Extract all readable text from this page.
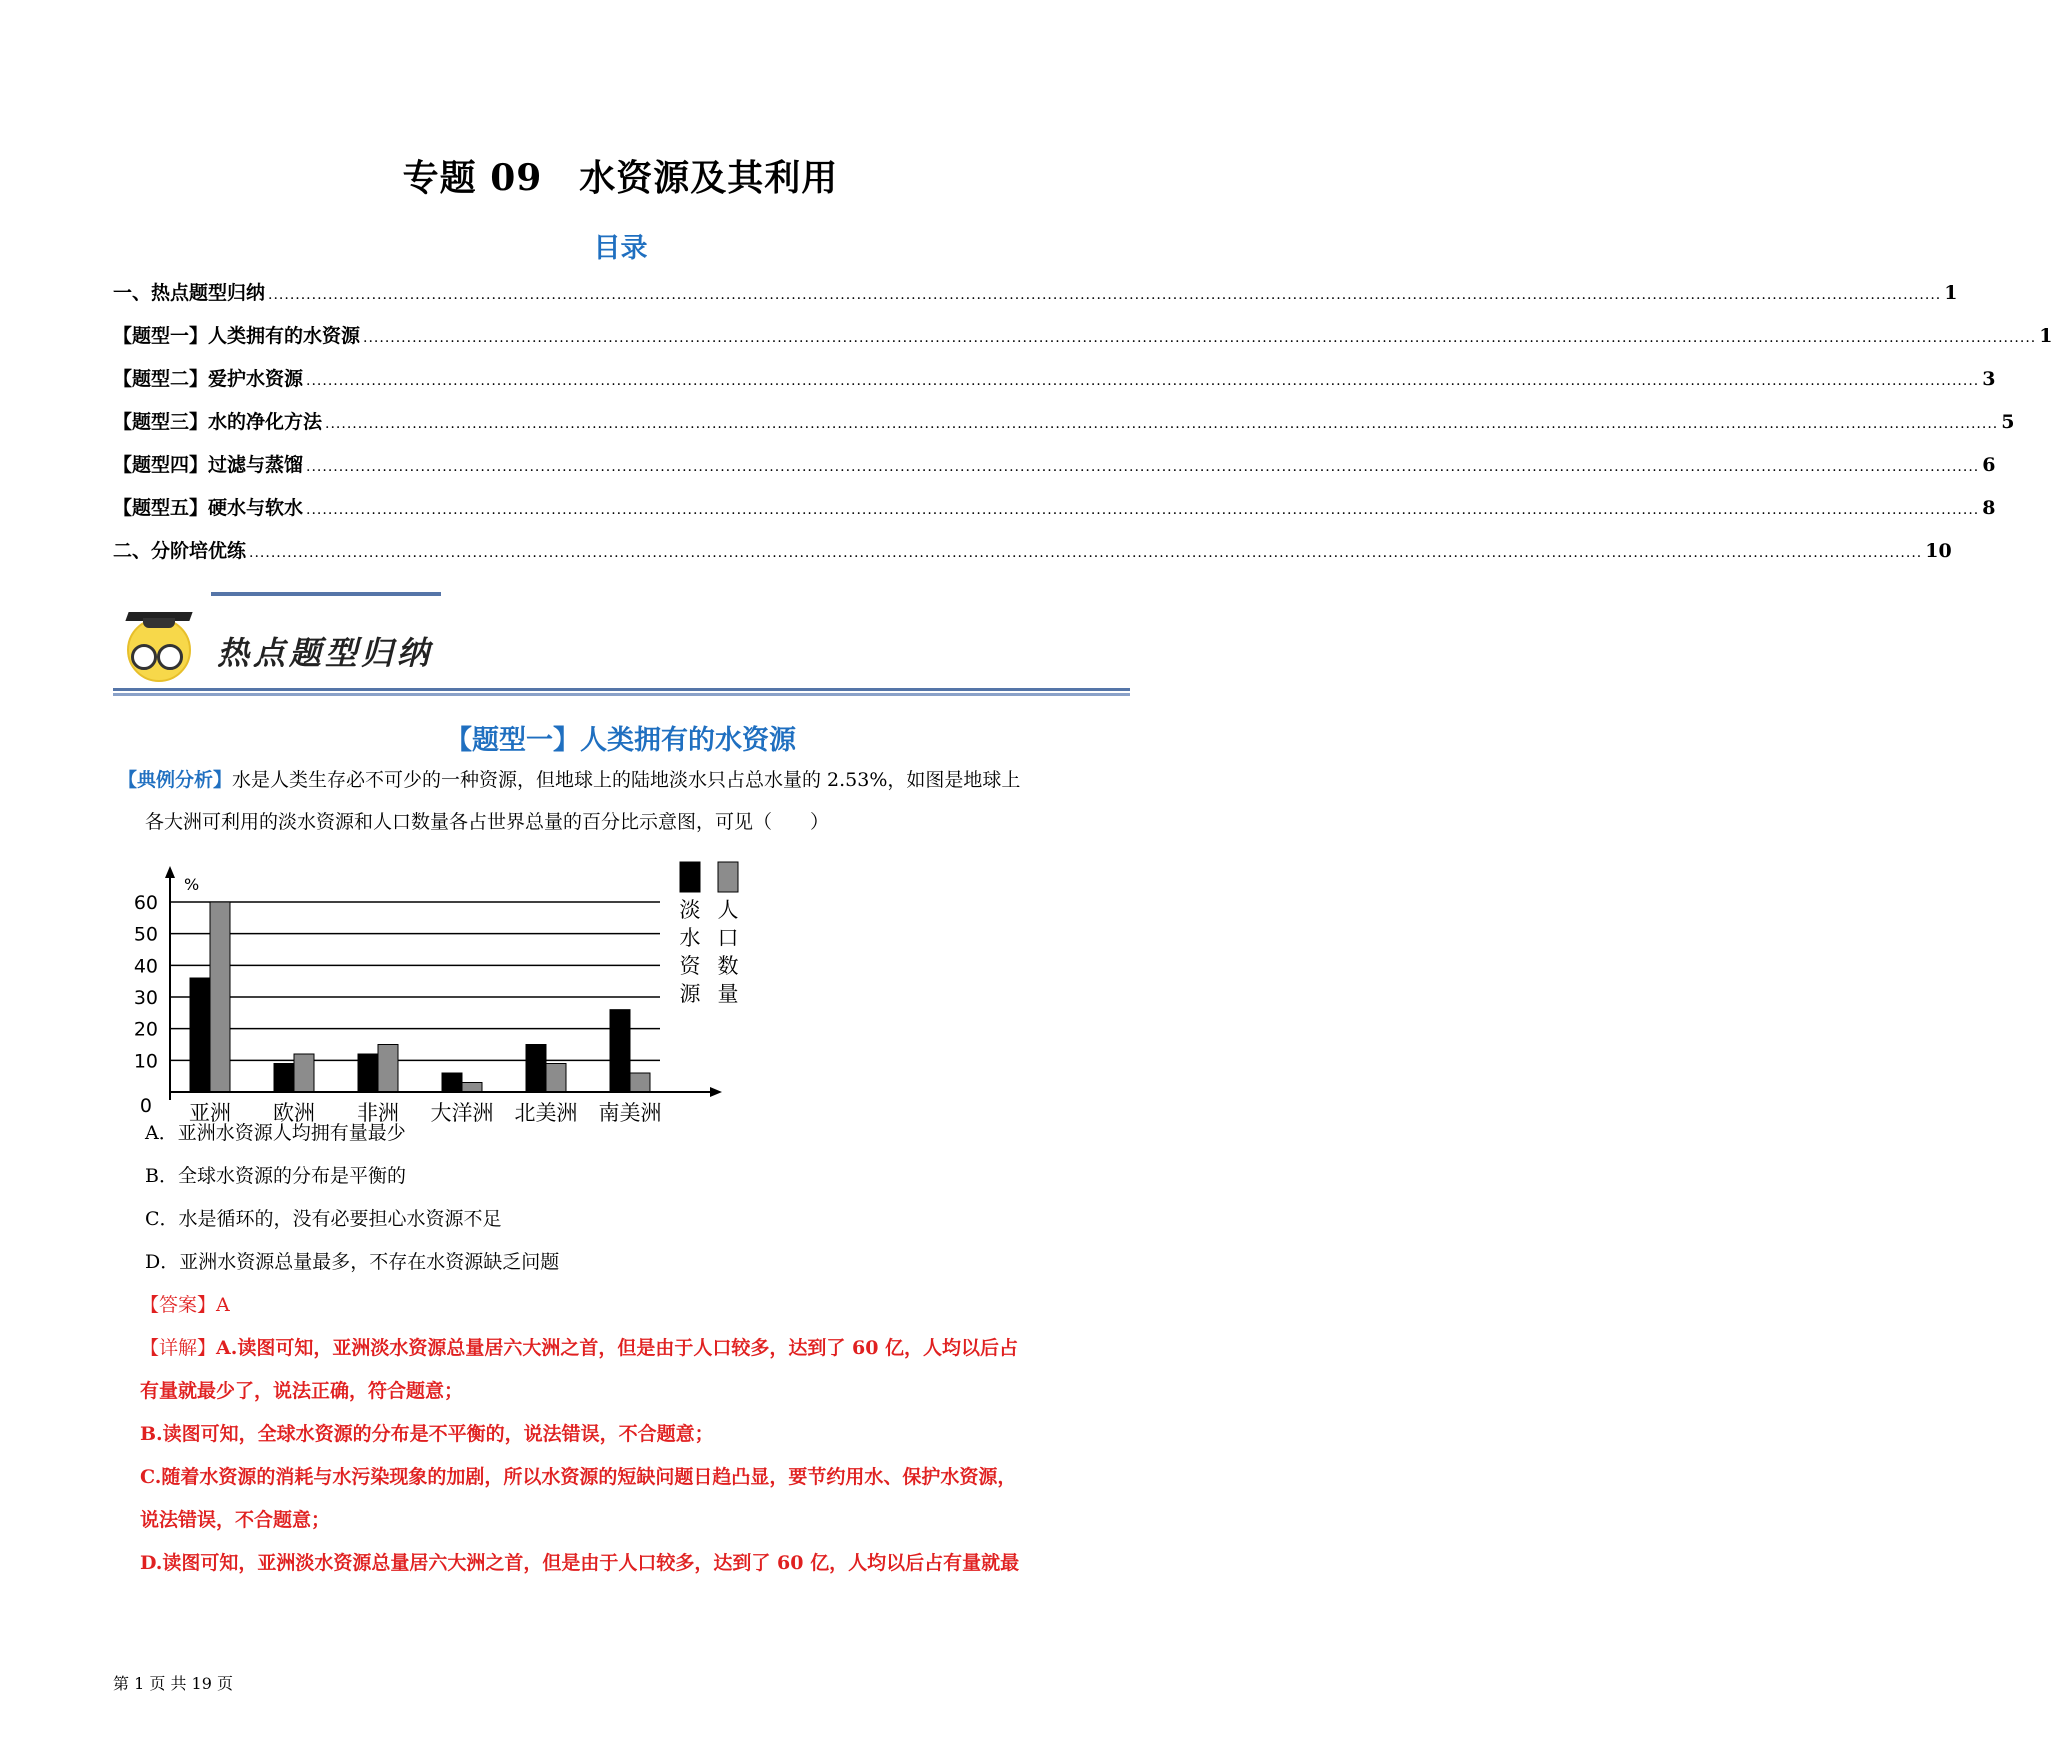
专题 09　水资源及其利用
目录
一、热点题型归纳 .....	1
【题型一】人类拥有的水资源 .....	1
【题型二】爱护水资源 .....	3
【题型三】水的净化方法 .....	5
【题型四】过滤与蒸馏 .....	6
【题型五】硬水与软水 .....	8
二、分阶培优练 .....	10
热点题型归纳
【题型一】人类拥有的水资源
【典例分析】水是人类生存必不可少的一种资源，但地球上的陆地淡水只占总水量的 2.53%，如图是地球上
各大洲可利用的淡水资源和人口数量各占世界总量的百分比示意图，可见（　　）
%
0
10
20
30
40
50
60
亚洲 欧洲 非洲 大洋洲 北美洲 南美洲
淡
水
资
源
人
口
数
量
A．亚洲水资源人均拥有量最少
B．全球水资源的分布是平衡的
C．水是循环的，没有必要担心水资源不足
D．亚洲水资源总量最多，不存在水资源缺乏问题
【答案】A
【详解】A.读图可知，亚洲淡水资源总量居六大洲之首，但是由于人口较多，达到了 60 亿，人均以后占
有量就最少了，说法正确，符合题意；
B.读图可知，全球水资源的分布是不平衡的，说法错误，不合题意；
C.随着水资源的消耗与水污染现象的加剧，所以水资源的短缺问题日趋凸显，要节约用水、保护水资源，
说法错误，不合题意；
D.读图可知，亚洲淡水资源总量居六大洲之首，但是由于人口较多，达到了 60 亿，人均以后占有量就最
第 1 页 共 19 页
